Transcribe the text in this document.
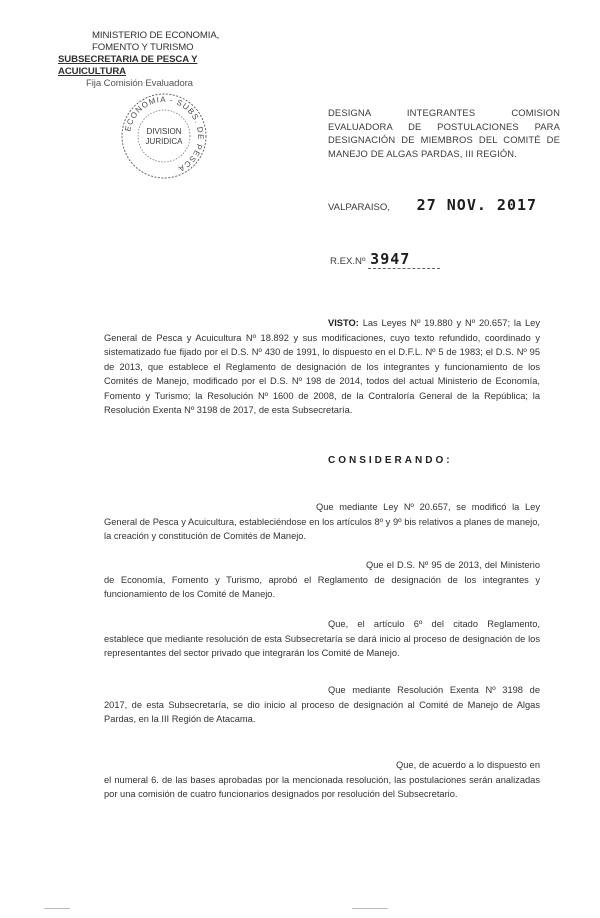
MINISTERIO DE ECONOMIA,
FOMENTO Y TURISMO
SUBSECRETARIA DE PESCA Y ACUICULTURA
Fija Comisión Evaluadora
ECONOMIA - SUBS. DE PESCA
DIVISION
JURIDICA
DESIGNA INTEGRANTES COMISION EVALUADORA DE POSTULACIONES PARA DESIGNACIÓN DE MIEMBROS DEL COMITÉ DE MANEJO DE ALGAS PARDAS, III REGIÓN.
VALPARAISO, 27 NOV. 2017
R.EX.Nº 3947
VISTO: Las Leyes Nº 19.880 y Nº 20.657; la Ley General de Pesca y Acuicultura Nº 18.892 y sus modificaciones, cuyo texto refundido, coordinado y sistematizado fue fijado por el D.S. Nº 430 de 1991, lo dispuesto en el D.F.L. Nº 5 de 1983; el D.S. Nº 95 de 2013, que establece el Reglamento de designación de los integrantes y funcionamiento de los Comités de Manejo, modificado por el D.S. Nº 198 de 2014, todos del actual Ministerio de Economía, Fomento y Turismo; la Resolución Nº 1600 de 2008, de la Contraloría General de la República; la Resolución Exenta Nº 3198 de 2017, de esta Subsecretaría.
CONSIDERANDO:
Que mediante Ley Nº 20.657, se modificó la Ley General de Pesca y Acuicultura, estableciéndose en los artículos 8º y 9º bis relativos a planes de manejo, la creación y constitución de Comités de Manejo.
Que el D.S. Nº 95 de 2013, del Ministerio de Economía, Fomento y Turismo, aprobó el Reglamento de designación de los integrantes y funcionamiento de los Comité de Manejo.
Que, el artículo 6º del citado Reglamento, establece que mediante resolución de esta Subsecretaría se dará inicio al proceso de designación de los representantes del sector privado que integrarán los Comité de Manejo.
Que mediante Resolución Exenta Nº 3198 de 2017, de esta Subsecretaría, se dio inicio al proceso de designación al Comité de Manejo de Algas Pardas, en la III Región de Atacama.
Que, de acuerdo a lo dispuesto en el numeral 6. de las bases aprobadas por la mencionada resolución, las postulaciones serán analizadas por una comisión de cuatro funcionarios designados por resolución del Subsecretario.
